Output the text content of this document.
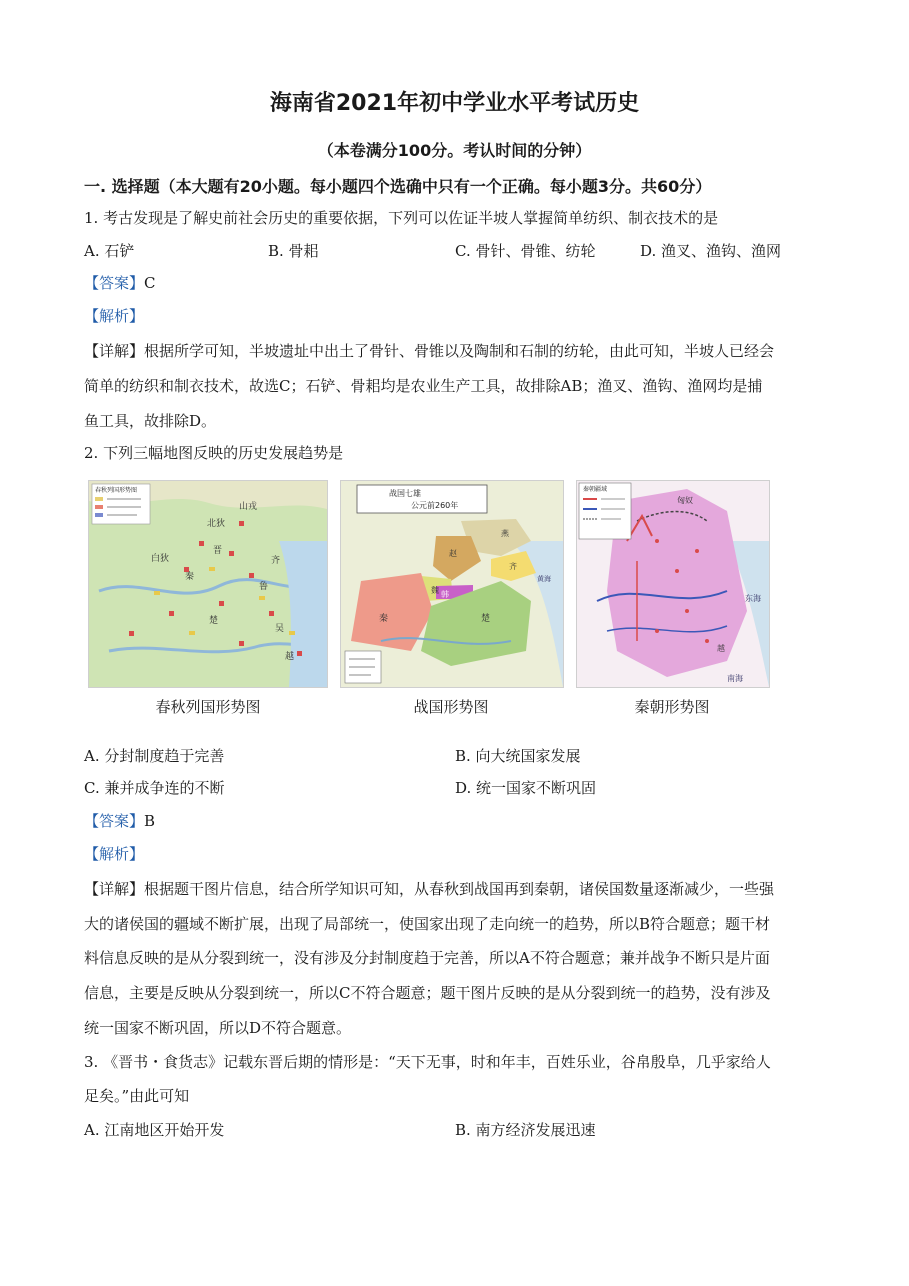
海南省2021年初中学业水平考试历史
（本卷满分100分。考认时间的分钟）
一. 选择题（本大题有20小题。每小题四个选确中只有一个正确。每小题3分。共60分）
1. 考古发现是了解史前社会历史的重要依据，下列可以佐证半坡人掌握简单纺织、制衣技术的是
A. 石铲	B. 骨耜	C. 骨针、骨锥、纺轮	D. 渔叉、渔钩、渔网
【答案】C
【解析】
【详解】根据所学可知，半坡遗址中出土了骨针、骨锥以及陶制和石制的纺轮，由此可知，半坡人已经会
简单的纺织和制衣技术，故选C；石铲、骨耜均是农业生产工具，故排除AB；渔叉、渔钩、渔网均是捕
鱼工具，故排除D。
2. 下列三幅地图反映的历史发展趋势是
春秋列国形势图
山戎
北狄
白狄
晋
秦
楚
齐
鲁
吴
越
战国七雄
公元前260年
燕
赵
齐
魏 韩
秦	楚
黄海
秦朝疆域
匈奴
东海
南海
越
春秋列国形势图	战国形势图	秦朝形势图
A. 分封制度趋于完善	B. 向大统国家发展
C. 兼并成争连的不断	D. 统一国家不断巩固
【答案】B
【解析】
【详解】根据题干图片信息，结合所学知识可知，从春秋到战国再到秦朝，诸侯国数量逐渐减少，一些强
大的诸侯国的疆域不断扩展，出现了局部统一，使国家出现了走向统一的趋势，所以B符合题意；题干材
料信息反映的是从分裂到统一，没有涉及分封制度趋于完善，所以A不符合题意；兼并战争不断只是片面
信息，主要是反映从分裂到统一，所以C不符合题意；题干图片反映的是从分裂到统一的趋势，没有涉及
统一国家不断巩固，所以D不符合题意。
3. 《晋书・食货志》记载东晋后期的情形是：“天下无事，时和年丰，百姓乐业，谷帛殷阜，几乎家给人
足矣。”由此可知
A. 江南地区开始开发	B. 南方经济发展迅速
